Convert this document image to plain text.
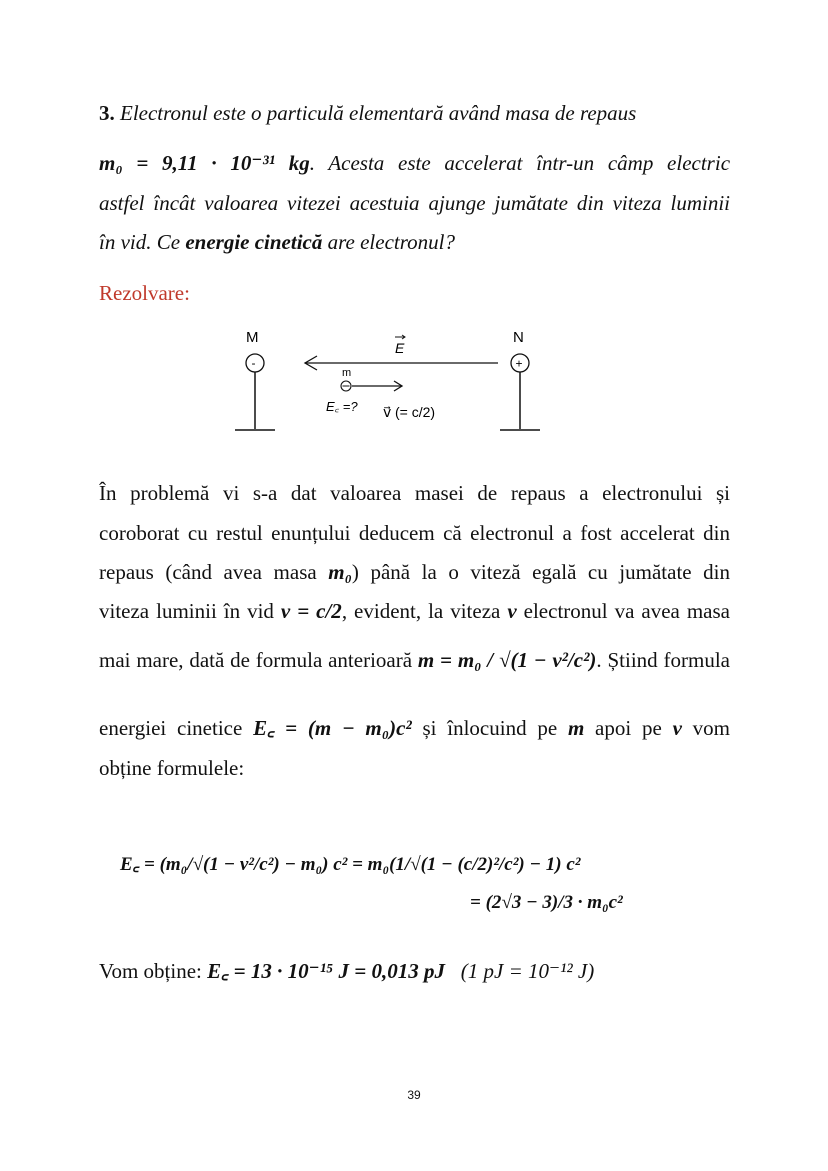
3. Electronul este o particulă elementară având masa de repaus
m₀ = 9,11 · 10⁻³¹ kg. Acesta este accelerat într-un câmp electric
astfel încât valoarea vitezei acestuia ajunge jumătate din viteza luminii
în vid. Ce energie cinetică are electronul?
Rezolvare:
M
-
E
m
E꜀ =? v⃗ (= c/2)
N
+
În problemă vi s-a dat valoarea masei de repaus a electronului și
coroborat cu restul enunțului deducem că electronul a fost accelerat din
repaus (când avea masa m₀) până la o viteză egală cu jumătate din
viteza luminii în vid v = c/2, evident, la viteza v electronul va avea masa
mai mare, dată de formula anterioară m = m₀ / √(1 − v²/c²). Știind formula
energiei cinetice E꜀ = (m − m₀)c² și înlocuind pe m apoi pe v vom
obține formulele:
E꜀ = (m₀/√(1 − v²/c²) − m₀) c² = m₀(1/√(1 − (c/2)²/c²) − 1) c²
= (2√3 − 3)/3 · m₀c²
Vom obține: E꜀ = 13 · 10⁻¹⁵ J = 0,013 pJ (1 pJ = 10⁻¹² J)
39
